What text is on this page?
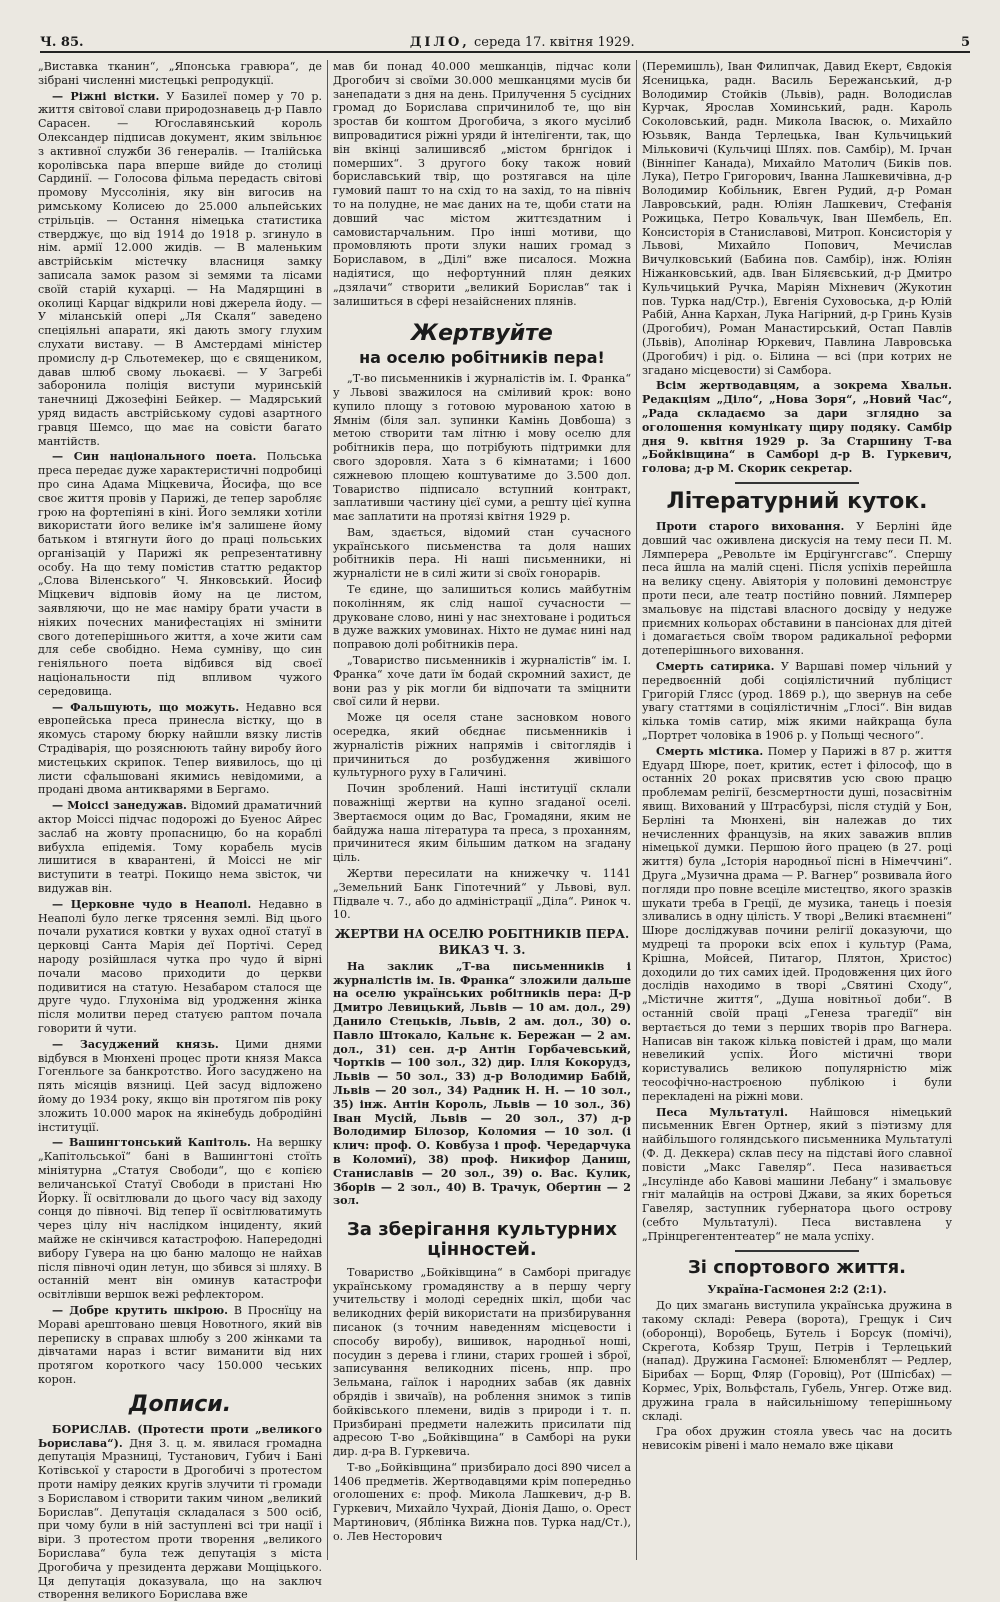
Ч. 85.	ДІЛО, середа 17. квітня 1929.	5

„Виставка тканин“, „Японська гравюра“, де зібрані численні мистецькі репродукції.

— Ріжні вістки. У Базилеї помер у 70 р. життя світової слави природознавець д-р Павло Сарасен. — Югославянський король Олександер підписав документ, яким звільнює з активної служби 36 генералів. — Італійська королівська пара вперше вийде до столиці Сардинії. — Голосова фільма передасть світові промову Муссолінія, яку він вигосив на римському Колисею до 25.000 альпейських стрільців. — Остання німецька статистика стверджує, що від 1914 до 1918 р. згинуло в нім. армії 12.000 жидів. — В маленьким австрійськім містечку власниця замку записала замок разом зі земями та лісами своїй старій кухарці. — На Мадярщині в околиці Карцаг відкрили нові джерела йоду. — У міланській опері „Ля Скаля“ заведено спеціяльні апарати, які дають змогу глухим слухати виставу. — В Амстердамі міністер промислу д-р Сльотемекер, що є священиком, давав шлюб свому льокаєві. — У Загребі заборонила поліція виступи муринській танечниці Джозефіні Бейкер. — Мадярський уряд видасть австрійському судові азартного гравця Шемсо, що має на совісти багато мантійств.

— Син національного поета. Польська преса передає дуже характеристичні подробиці про сина Адама Міцкевича, Йосифа, що все своє життя провів у Парижі, де тепер заробляє грою на фортепіяні в кіні. Його земляки хотіли використати його велике ім'я залишене йому батьком і втягнути його до праці польських організацій у Парижі як репрезентативну особу. На що тему помістив статтю редактор „Слова Віленського“ Ч. Янковський. Йосиф Міцкевич відповів йому на це листом, заявляючи, що не має наміру брати участи в ніяких почесних манифестаціях ні змінити свого дотеперішнього життя, а хоче жити сам для себе свобідно. Нема сумніву, що син геніяльного поета відбився від своєї національности під впливом чужого середовища.

— Фальшують, що можуть. Недавно вся европейська преса принесла вістку, що в якомусь старому бюрку найшли вязку листів Страдіварія, що розяснюють тайну виробу його мистецьких скрипок. Тепер виявилось, що ці листи сфальшовані якимись невідомими, а продані двома антикварями в Бергамо.

— Моіссі занедужав. Відомий драматичний актор Моіссі підчас подорожі до Буенос Айрес заслаб на жовту пропасницю, бо на кораблі вибухла епідемія. Тому корабель мусів лишитися в кварантені, й Моіссі не міг виступити в театрі. Покищо нема звісток, чи видужав він.

— Церковне чудо в Неаполі. Недавно в Неаполі було легке трясення землі. Від цього почали рухатися ковтки у вухах одної статуї в церковці Санта Марія деї Портічі. Серед народу розійшлася чутка про чудо й вірні почали масово приходити до церкви подивитися на статую. Незабаром сталося ще друге чудо. Глухоніма від уродження жінка після молитви перед статуєю раптом почала говорити й чути.

— Засуджений князь. Цими днями відбувся в Мюнхені процес проти князя Макса Гогенльоге за банкротство. Його засуджено на пять місяців вязниці. Цей засуд відложено йому до 1934 року, якщо він протягом пів року зложить 10.000 марок на якінебудь добродійні інституції.

— Вашингтонський Капітоль. На вершку „Капітольської“ бані в Вашингтоні стоїть мініятурна „Статуя Свободи“, що є копією величанської Статуї Свободи в пристані Ню Йорку. Її освітлювали до цього часу від заходу сонця до півночі. Від тепер її освітлюватимуть через цілу ніч наслідком інциденту, який майже не скінчився катастрофою. Напередодні вибору Гувера на цю баню малощо не найхав після півночі один летун, що збився зі шляху. В останній мент він оминув катастрофи освітлівши вершок вежі рефлектором.

— Добре крутить шкірою. В Проснїцу на Мораві арештовано шевця Новотного, який вів переписку в справах шлюбу з 200 жінками та дівчатами нараз і встиг виманити від них протягом короткого часу 150.000 чеських корон.

Дописи.

БОРИСЛАВ. (Протести проти „великого Ьорислава“). Дня 3. ц. м. явилася громадна депутація Мразниці, Тустанович, Губич і Бані Котівської у старости в Дрогобичі з протестом проти наміру деяких кругів злучити ті громади з Бориславом і створити таким чином „великий Борислав“. Депутація складалася з 500 осіб, при чому були в ній заступлені всі три нації і віри. З протестом проти творення „великого Борислава“ була теж депутація з міста Дрогобича у президента держави Мощіцького. Ця депутація доказувала, що на заключ створення великого Борислава вже

мав би понад 40.000 мешканців, підчас коли Дрогобич зі своїми 30.000 мешканцями мусів би занепадати з дня на день. Прилучення 5 сусідних громад до Борислава спричинилоб те, що він зростав би коштом Дрогобича, з якого мусілиб випровадитися ріжні уряди й інтелігенти, так, що він вкінці залишивсяб „містом брнгідок і померших“. З другого боку також новий бориславський твір, що розтягався на ціле гумовий пашт то на схід то на захід, то на північ то на полудне, не має даних на те, щоби стати на довший час містом життєздатним і самовистарчальним. Про інші мотиви, що промовляють проти злуки наших громад з Бориславом, в „Ділі“ вже писалося. Можна надіятися, що нефортунний плян деяких „дзялачи“ створити „великий Борислав“ так і залишиться в сфері незаійснених плянів.

Жертвуйте
на оселю робітників пера!

„Т-во письменників і журналістів ім. І. Франка“ у Львові зважилося на сміливий крок: воно купило площу з готовою мурованою хатою в Ямнім (біля зал. зупинки Камінь Довбоша) з метою створити там літню і мову оселю для робітників пера, що потрібують підтримки для свого здоровля. Хата з 6 кімнатами; і 1600 сяжневою площею коштуватиме до 3.500 дол. Товариство підписало вступний контракт, заплативши частину цієї суми, а решту цієї купна має заплатити на протязі квітня 1929 р.

Вам, здається, відомий стан сучасного українського письменства та доля наших робітників пера. Ні наші письменники, ні журналісти не в силі жити зі своїх гонорарів.

Те єдине, що залишиться колись майбутнім поколінням, як слід нашої сучасности — друковане слово, нині у нас знехтоване і родиться в дуже важких умовинах. Ніхто не думає нині над поправою долі робітників пера.

„Товариство письменників і журналістів“ ім. І. Франка“ хоче дати їм бодай скромний захист, де вони раз у рік могли би відпочати та зміцнити свої сили й нерви.

Може ця оселя стане засновком нового осередка, який обєднає письменників і журналістів ріжних напрямів і світоглядів і причиниться до розбудження живішого культурного руху в Галичині.

Почин зроблений. Наші інституції склали поважніщі жертви на купно згаданої оселі. Звертаємося оцим до Вас, Громадяни, яким не байдужа наша література та преса, з проханням, причинитеся яким більшим датком на згадану ціль.

Жертви пересилати на книжечку ч. 1141 „Земельний Банк Гіпотечний“ у Львові, вул. Підвале ч. 7., або до адміністрації „Діла“. Ринок ч. 10.

ЖЕРТВИ НА ОСЕЛЮ РОБІТНИКІВ ПЕРА.

ВИКАЗ Ч. 3.

На заклик „Т-ва письменників і журналістів ім. Ів. Франка“ зложили дальше на оселю українських робітників пера: Д-р Дмитро Левицький, Львів — 10 ам. дол., 29) Данило Стецьків, Львів, 2 ам. дол., 30) о. Павло Штокало, Кальнє к. Бережан — 2 ам. дол., 31) сен. д-р Антін Горбачевський, Чортків — 100 зол., 32) дир. Ілля Кокорудз, Львів — 50 зол., 33) д-р Володимир Бабій, Львів — 20 зол., 34) Радник Н. Н. — 10 зол., 35) інж. Антін Король, Львів — 10 зол., 36) Іван Мусій, Львів — 20 зол., 37) д-р Володимир Білозор, Коломия — 10 зол. (і клич: проф. О. Ковбуза і проф. Чередарчука в Коломиї), 38) проф. Никифор Даниш, Станиславів — 20 зол., 39) о. Вас. Кулик, Зборів — 2 зол., 40) В. Трачук, Обертин — 2 зол.

За зберігання культурних цінностей.

Товариство „Бойківщина“ в Самборі пригадує українському громадянству а в першу чергу учительству і молоді середніх шкіл, щоби час великодних ферій використати на призбирування писанок (з точним наведенням місцевости і способу виробу), вишивок, народньої ноші, посудин з дерева і глини, старих грошей і зброї, записування великодних пісень, нпр. про Зельмана, гаїлок і народних забав (як давніх обрядів і звичаїв), на роблення знимок з типів бойківського племени, видів з природи і т. п. Призбирані предмети належить присилати під адресою Т-во „Бойківщина“ в Самборі на руки дир. д-ра В. Гуркевича.

Т-во „Бойківщина“ призбирало досі 890 чисел а 1406 предметів. Жертводавцями крім попередньо оголошених є: проф. Микола Лашкевич, д-р В. Гуркевич, Михайло Чухрай, Діонія Дашо, о. Орест Мартинович, (Яблінка Вижна пов. Турка над/Ст.), о. Лев Несторович

(Перемишль), Іван Филипчак, Давид Екерт, Євдокія Ясеницька, радн. Василь Бережанський, д-р Володимир Стойків (Львів), радн. Володислав Курчак, Ярослав Хоминський, радн. Кароль Соколовський, радн. Микола Івасюк, о. Михайло Юзьвяк, Ванда Терлецька, Іван Кульчицький Мільковичі (Кульчиці Шлях. пов. Самбір), М. Ірчан (Вінніпег Канада), Михайло Матолич (Биків пов. Лука), Петро Григорович, Іванна Лашкевичівна, д-р Володимир Кобільник, Евген Рудий, д-р Роман Лавровський, радн. Юліян Лашкевич, Стефанія Рожицька, Петро Ковальчук, Іван Шембель, Еп. Консисторія в Станиславові, Митроп. Консисторія у Львові, Михайло Попович, Мечислав Вичулковський (Бабина пов. Самбір), інж. Юліян Ніжанковський, адв. Іван Біляєвський, д-р Дмитро Кульчицький Ручка, Маріян Міхневич (Жукотин пов. Турка над/Стр.), Евгенія Суховоська, д-р Юлій Рабій, Анна Кархан, Лука Нагірний, д-р Гринь Кузів (Дрогобич), Роман Манастирський, Остап Павлів (Львів), Аполінар Юркевич, Павлина Лавровська (Дрогобич) і рід. о. Білина — всі (при котрих не згадано місцевости) зі Самбора.

Всім жертводавцям, а зокрема Хвальн. Редакціям „Діло“, „Нова Зоря“, „Новий Час“, „Рада складаємо за дари зглядно за оголошення комунікату щиру подяку. Самбір дня 9. квітня 1929 р. За Старшину Т-ва „Бойківщина“ в Самборі д-р В. Гуркевич, голова; д-р М. Скорик секретар.

Літературний куток.

Проти старого виховання. У Берліні йде довший час оживлена дискусія на тему песи П. М. Лямперера „Револьте ім Ерцігунгсгавс“. Спершу песа йшла на малій сцені. Після успіхів перейшла на велику сцену. Авіяторія у половині демонструє проти песи, але театр постійно повний. Лямперер змальовує на підставі власного досвіду у недуже приємних кольорах обставини в пансіонах для дітей і домагається своїм твором радикальної реформи дотеперішнього виховання.

Смерть сатирика. У Варшаві помер чільний у передвоєнній добі соціялістичний публіцист Григорій Глясс (урод. 1869 р.), що звернув на себе увагу статтями в соціялістичнім „Глосі“. Він видав кілька томів сатир, між якими найкраща була „Портрет чоловіка в 1906 р. у Польщі чесного“.

Смерть містика. Помер у Парижі в 87 р. життя Едуард Шюре, поет, критик, естет і філософ, що в останніх 20 роках присвятив усю свою працю проблемам релігії, безсмертности душі, позасвітнім явищ. Вихований у Штрасбурзі, після студій у Бон, Берліні та Мюнхені, він належав до тих нечисленних французів, на яких заважив вплив німецької думки. Першою його працею (в 27. році життя) була „Історія народньої пісні в Німеччині“. Друга „Музична драма — Р. Вагнер“ розвивала його погляди про повне всеціле мистецтво, якого зразків шукати треба в Греції, де музика, танець і поезія зливались в одну цілість. У творі „Великі втаємнені“ Шюре досліджував почини релігії доказуючи, що мудреці та пророки всіх епох і культур (Рама, Крішна, Мойсей, Питагор, Плятон, Христос) доходили до тих самих ідей. Продовження цих його дослідів находимо в творі „Святині Сходу“, „Містичне життя“, „Душа новітньої доби“. В останній своїй праці „Генеза трагедії“ він вертається до теми з перших творів про Вагнера. Написав він також кілька повістей і драм, що мали невеликий успіх. Його містичні твори користувались великою популярністю між теософічно-настроєною публікою і були перекладені на ріжні мови.

Песа Мультатулі. Найшовся німецький письменник Евген Ортнер, який з піэтизму для найбільшого голяндського письменника Мультатулі (Ф. Д. Деккера) склав песу на підставі його славної повісти „Макс Гавеляр“. Песа називається „Інсулінде або Кавові машини Лебану“ і змальовує гніт малайців на острові Джави, за яких бореться Гавеляр, заступник губернатора цього острову (себто Мультатулі). Песа виставлена у „Прінцрегентентеатер“ не мала успіху.

Зі спортового життя.

Україна-Гасмонея 2:2 (2:1).

До цих змагань виступила українська дружина в такому складі: Ревера (ворота), Грещук і Сич (оборонці), Воробець, Бутель і Борсук (помічі), Скрегота, Кобзяр Труш, Петрів і Терлецький (напад). Дружина Гасмонеї: Блюменблят — Редлер, Бірибах — Борщ, Фляр (Горовіц), Рот (Шпісбах) — Кормес, Уріх, Вольфсталь, Губель, Унгер. Отже вид. дружина грала в найсильнішому теперішньому складі.

Гра обох дружин стояла увесь час на досить невисокім рівені і мало немало вже цікави
